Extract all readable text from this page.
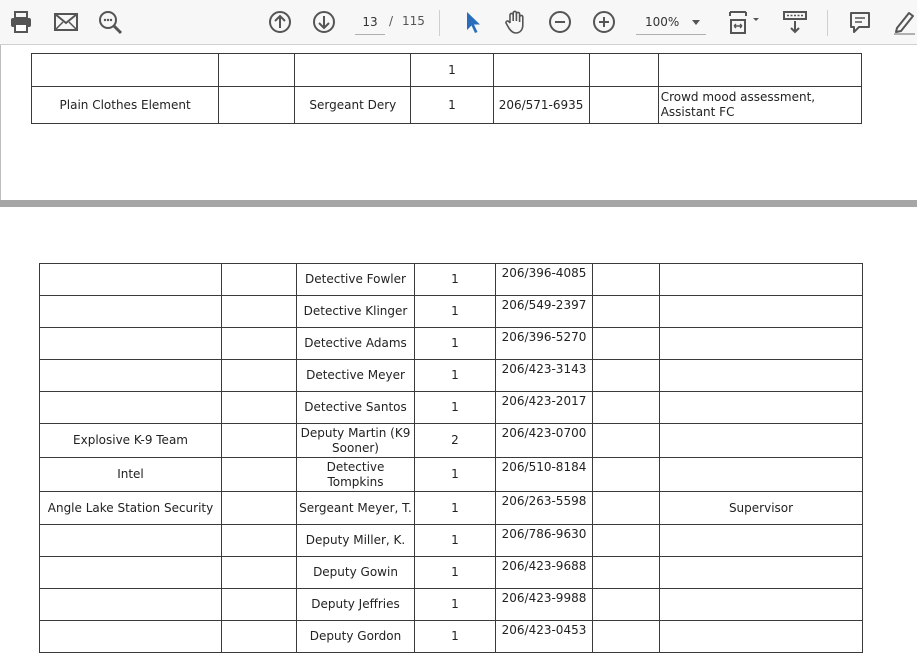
13 / 115	100%
			1			
Plain Clothes Element		Sergeant Dery	1	206/571-6935		Crowd mood assessment, Assistant FC
		Detective Fowler	1	206/396-4085		
		Detective Klinger	1	206/549-2397		
		Detective Adams	1	206/396-5270		
		Detective Meyer	1	206/423-3143		
		Detective Santos	1	206/423-2017		
Explosive K-9 Team		Deputy Martin (K9 Sooner)	2	206/423-0700		
Intel		Detective Tompkins	1	206/510-8184		
Angle Lake Station Security		Sergeant Meyer, T.	1	206/263-5598		Supervisor
		Deputy Miller, K.	1	206/786-9630		
		Deputy Gowin	1	206/423-9688		
		Deputy Jeffries	1	206/423-9988		
		Deputy Gordon	1	206/423-0453		
